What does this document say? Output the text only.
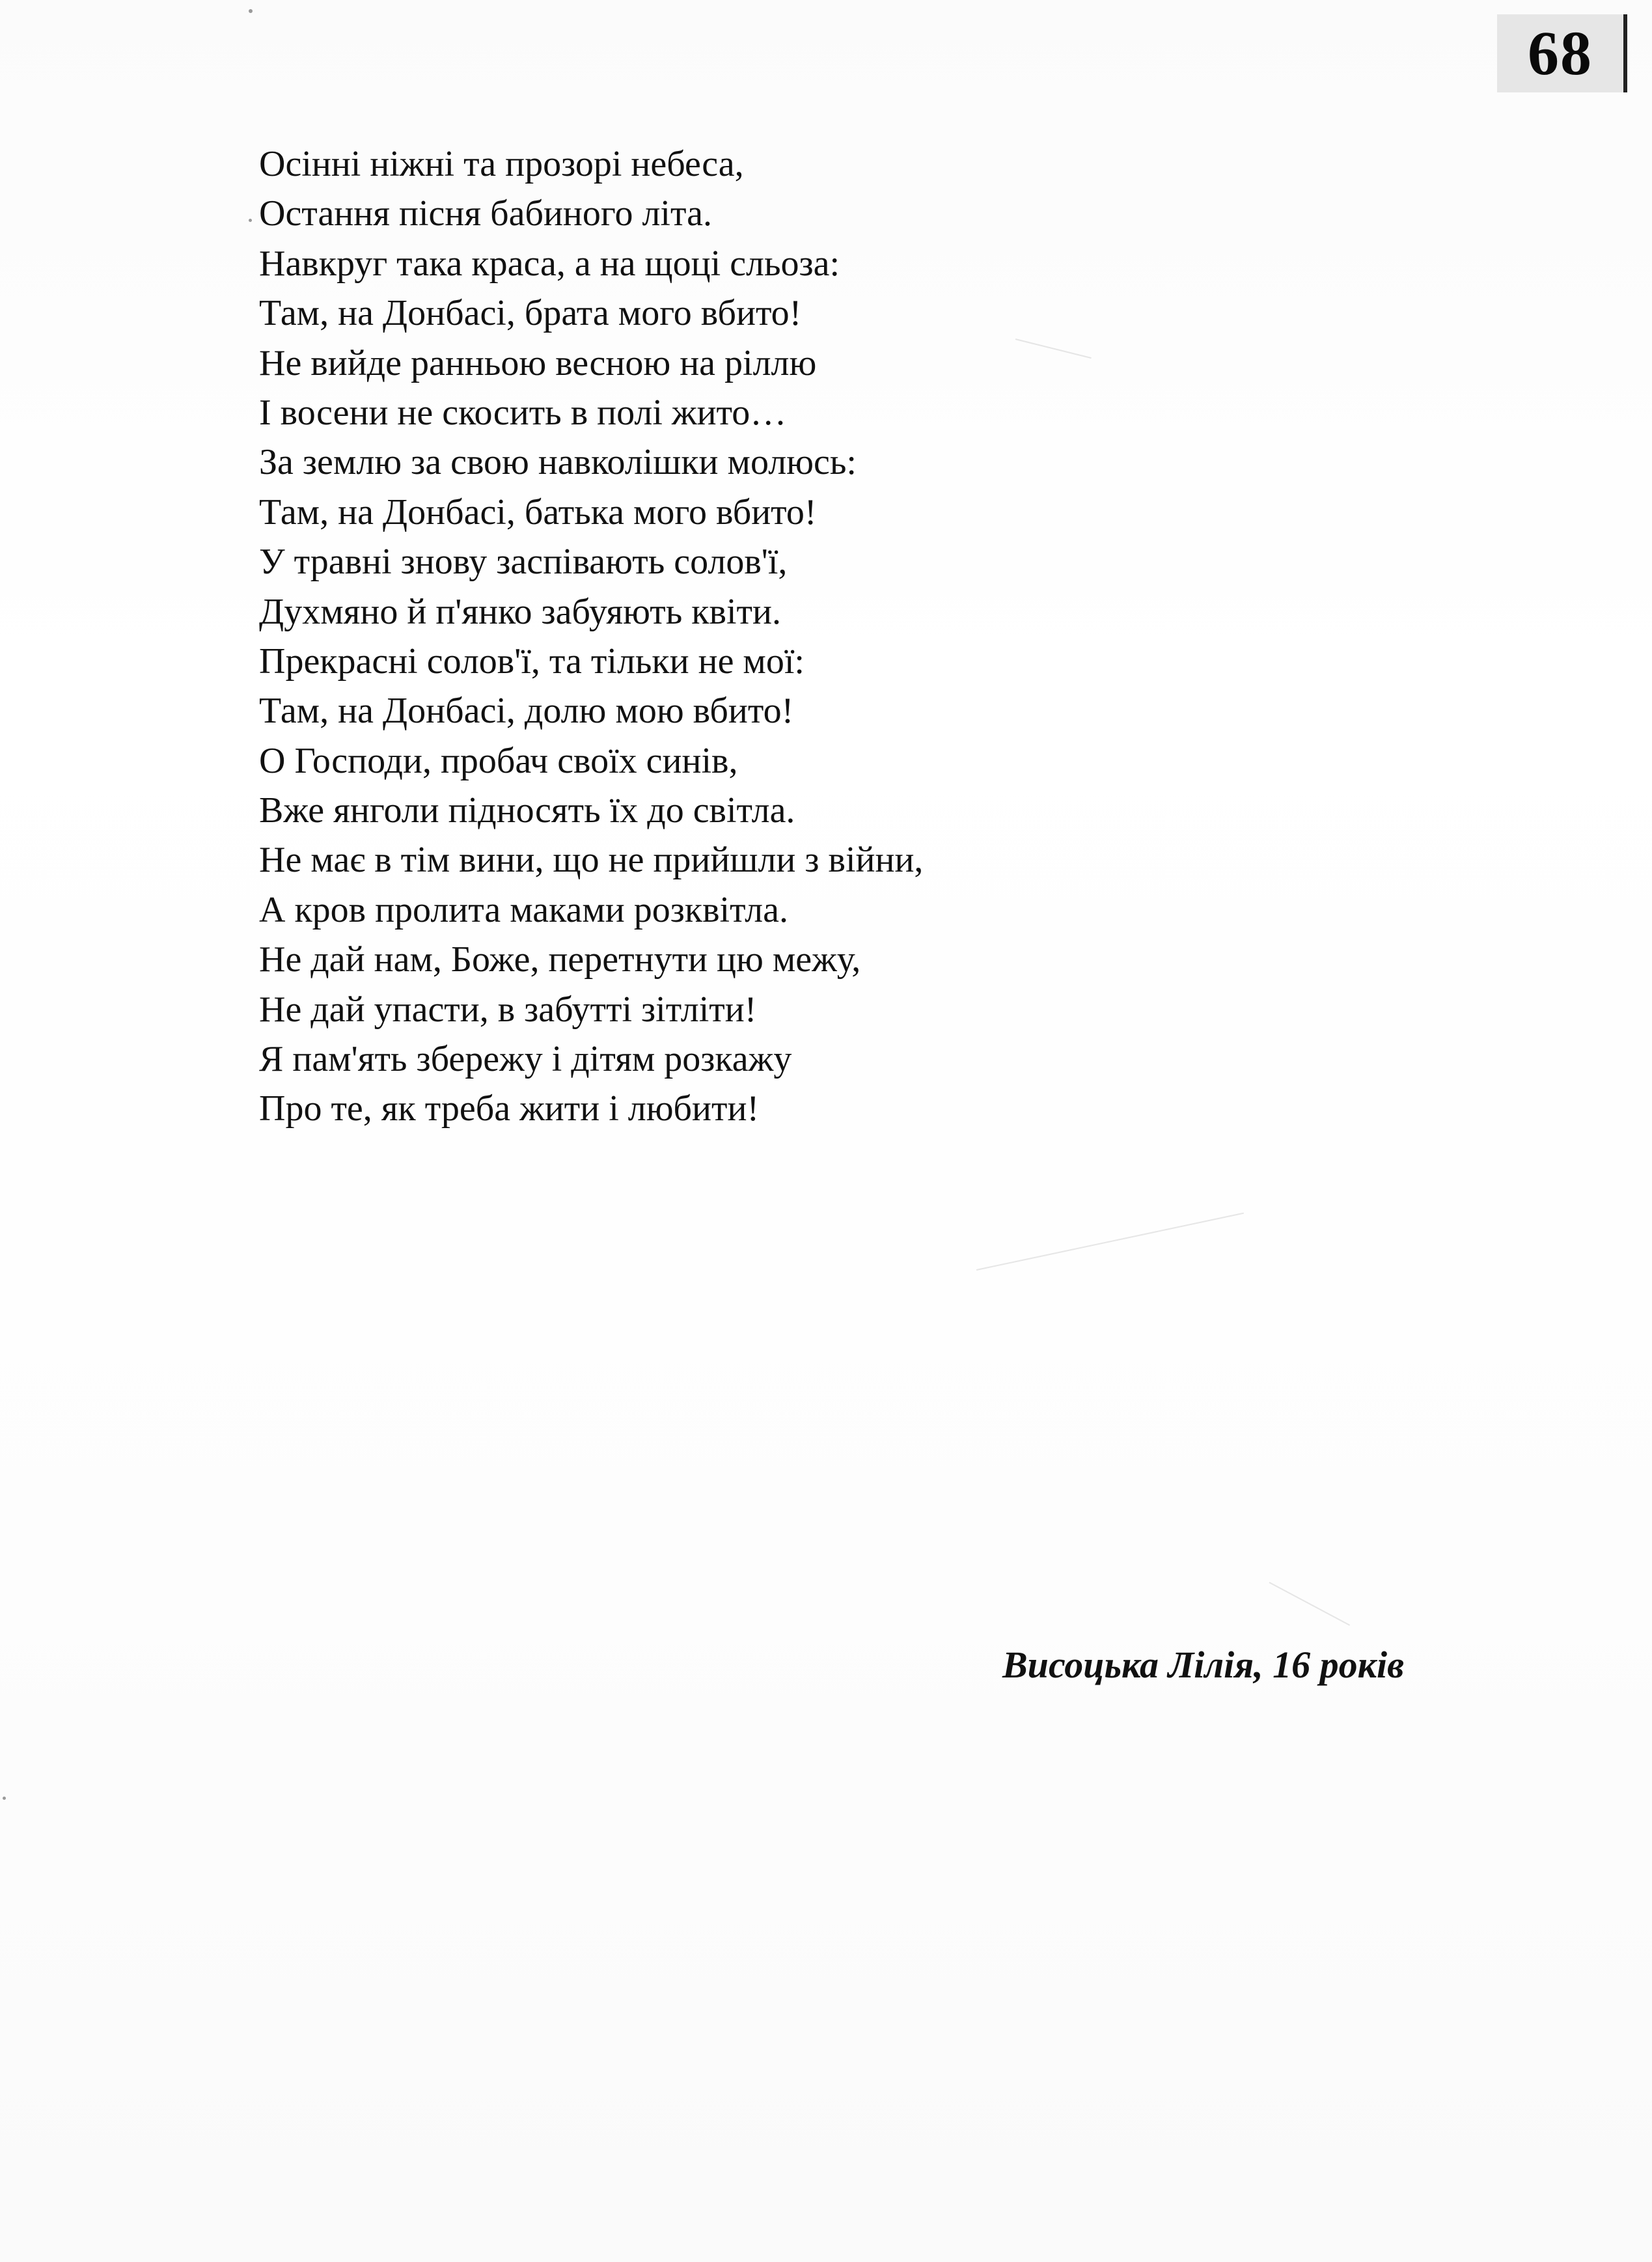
68
Осінні ніжні та прозорі небеса,
Остання пісня бабиного літа.
Навкруг така краса, а на щоці сльоза:
Там, на Донбасі, брата мого вбито!
Не вийде ранньою весною на ріллю
І восени не скосить в полі жито…
За землю за свою навколішки молюсь:
Там, на Донбасі, батька мого вбито!
У травні знову заспівають солов'ї,
Духмяно й п'янко забуяють квіти.
Прекрасні солов'ї, та тільки не мої:
Там, на Донбасі, долю мою вбито!
О Господи, пробач своїх синів,
Вже янголи підносять їх до світла.
Не має в тім вини, що не прийшли з війни,
А кров пролита маками розквітла.
Не дай нам, Боже, перетнути цю межу,
Не дай упасти, в забутті зітліти!
Я пам'ять збережу і дітям розкажу
Про те, як треба жити і любити!
Висоцька Лілія, 16 років
